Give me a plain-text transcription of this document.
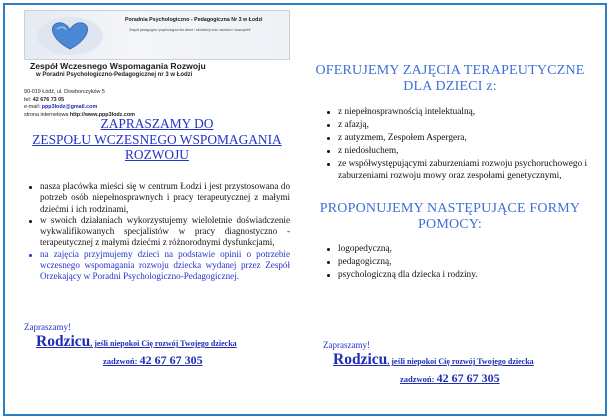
Poradnia Psychologiczno - Pedagogiczna Nr 3 w Łodzi
Zespół pedagogów i psychologów dla dzieci i młodzieży oraz rodziców i nauczycieli
Zespół Wczesnego Wspomagania Rozwoju
w Poradni Psychologiczno-Pedagogicznej nr 3 w Łodzi
90-019 Łódź, ul. Dowborczyków 5
tel: 42 676 73 05
e-mail: ppp3lodz@gmail.com
strona internetowa http://www.ppp3lodz.com
ZAPRASZAMY DO
ZESPOŁU WCZESNEGO WSPOMAGANIA
ROZWOJU
nasza placówka mieści się w centrum Łodzi i jest przystosowana do potrzeb osób niepełnosprawnych i pracy terapeutycznej z małymi dziećmi i ich rodzinami,
w swoich działaniach wykorzystujemy wieloletnie doświadczenie wykwalifikowanych specjalistów w pracy diagnostyczno - terapeutycznej z małymi dziećmi z różnorodnymi dysfunkcjami,
na zajęcia przyjmujemy dzieci na podstawie opinii o potrzebie wczesnego wspomagania rozwoju dziecka wydanej przez Zespół Orzekający w Poradni Psychologiczno-Pedagogicznej.
Zapraszamy!
Rodzicu, jeśli niepokoi Cię rozwój Twojego dziecka
zadzwoń: 42 67 67 305
OFERUJEMY ZAJĘCIA TERAPEUTYCZNE
DLA DZIECI z:
z niepełnosprawnością intelektualną,
z afazją,
z autyzmem, Zespołem Aspergera,
z niedosłuchem,
ze współwystępującymi zaburzeniami rozwoju psychoruchowego i zaburzeniami rozwoju mowy oraz zespołami genetycznymi,
PROPONUJEMY NASTĘPUJĄCE FORMY
POMOCY:
logopedyczną,
pedagogiczną,
psychologiczną dla dziecka i rodziny.
Zapraszamy!
Rodzicu, jeśli niepokoi Cię rozwój Twojego dziecka
zadzwoń: 42 67 67 305
